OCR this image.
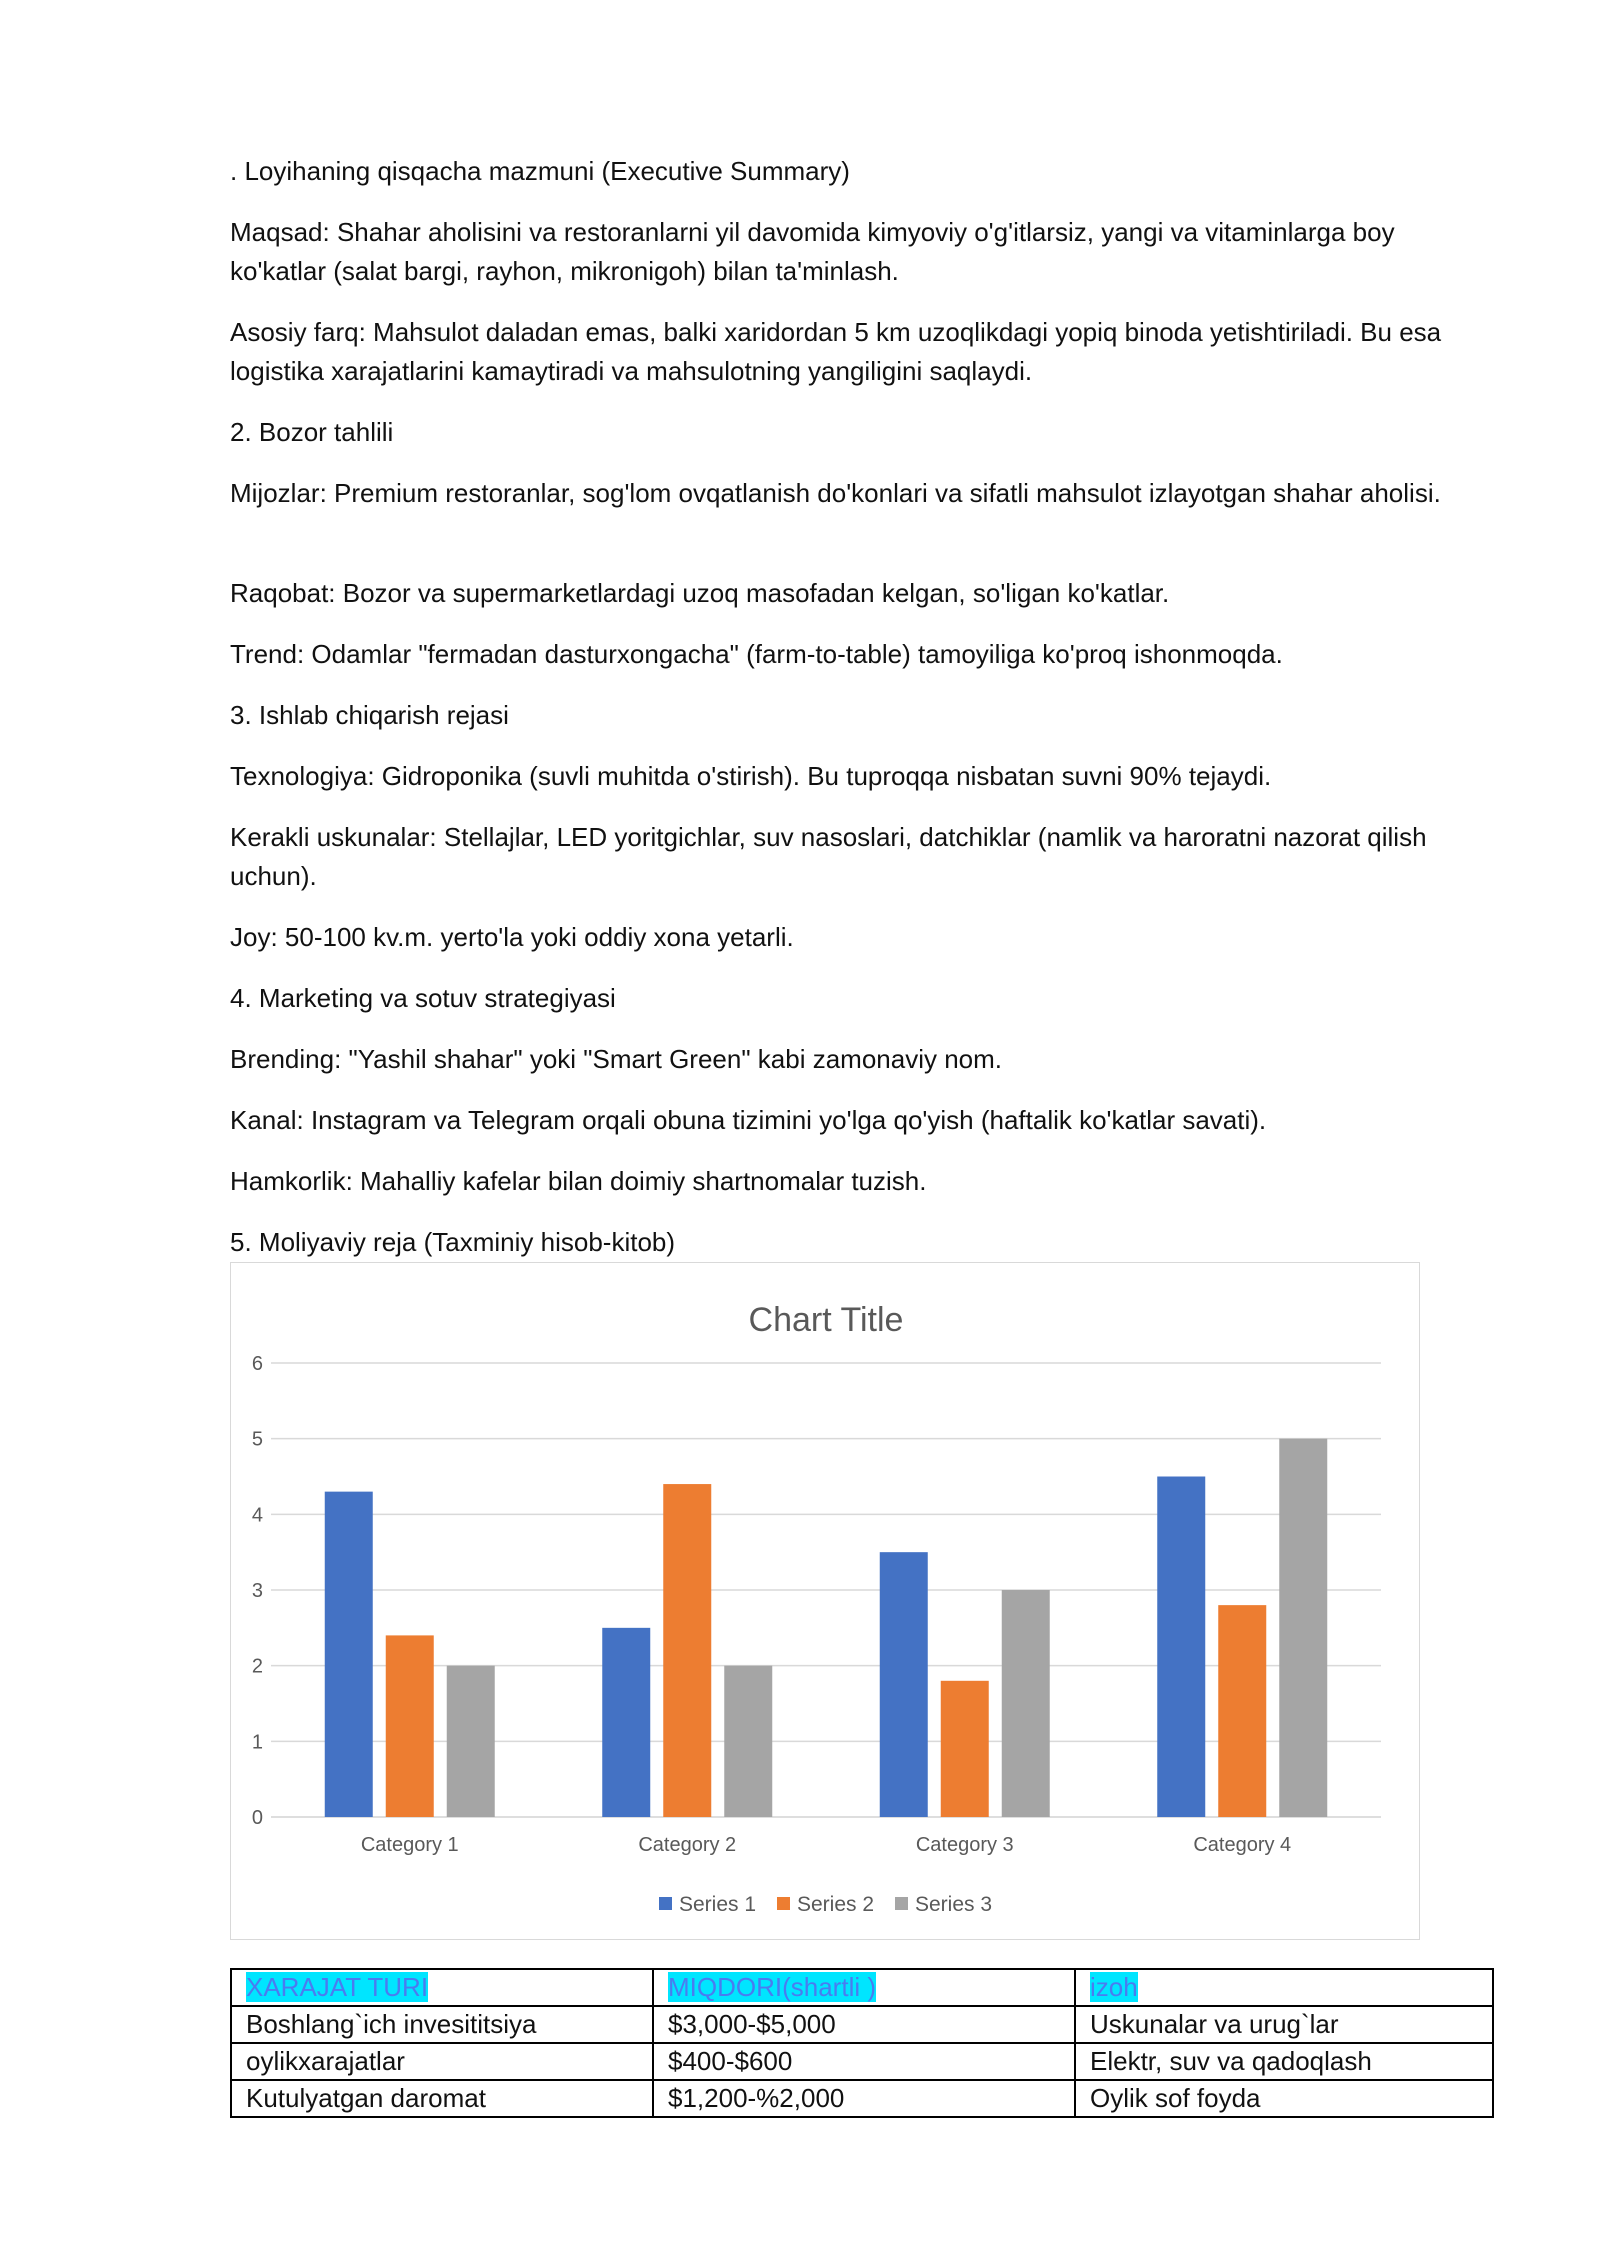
. Loyihaning qisqacha mazmuni (Executive Summary)

Maqsad: Shahar aholisini va restoranlarni yil davomida kimyoviy o'g'itlarsiz, yangi va vitaminlarga boy ko'katlar (salat bargi, rayhon, mikronigoh) bilan ta'minlash.

Asosiy farq: Mahsulot daladan emas, balki xaridordan 5 km uzoqlikdagi yopiq binoda yetishtiriladi. Bu esa logistika xarajatlarini kamaytiradi va mahsulotning yangiligini saqlaydi.

2. Bozor tahlili

Mijozlar: Premium restoranlar, sog'lom ovqatlanish do'konlari va sifatli mahsulot izlayotgan shahar aholisi.

Raqobat: Bozor va supermarketlardagi uzoq masofadan kelgan, so'ligan ko'katlar.

Trend: Odamlar "fermadan dasturxongacha" (farm-to-table) tamoyiliga ko'proq ishonmoqda.

3. Ishlab chiqarish rejasi

Texnologiya: Gidroponika (suvli muhitda o'stirish). Bu tuproqqa nisbatan suvni 90% tejaydi.

Kerakli uskunalar: Stellajlar, LED yoritgichlar, suv nasoslari, datchiklar (namlik va haroratni nazorat qilish uchun).

Joy: 50-100 kv.m. yerto'la yoki oddiy xona yetarli.

4. Marketing va sotuv strategiyasi

Brending: "Yashil shahar" yoki "Smart Green" kabi zamonaviy nom.

Kanal: Instagram va Telegram orqali obuna tizimini yo'lga qo'yish (haftalik ko'katlar savati).

Hamkorlik: Mahalliy kafelar bilan doimiy shartnomalar tuzish.

5. Moliyaviy reja (Taxminiy hisob-kitob)

Chart Title
0
1
2
3
4
5
6
Category 1	Category 2	Category 3	Category 4
Series 1 Series 2 Series 3
XARAJAT TURI	MIQDORI(shartli )	izoh
Boshlang`ich invesititsiya	$3,000-$5,000	Uskunalar va urug`lar
oylikxarajatlar	$400-$600	Elektr, suv va qadoqlash
Kutulyatgan daromat	$1,200-%2,000	Oylik sof foyda
